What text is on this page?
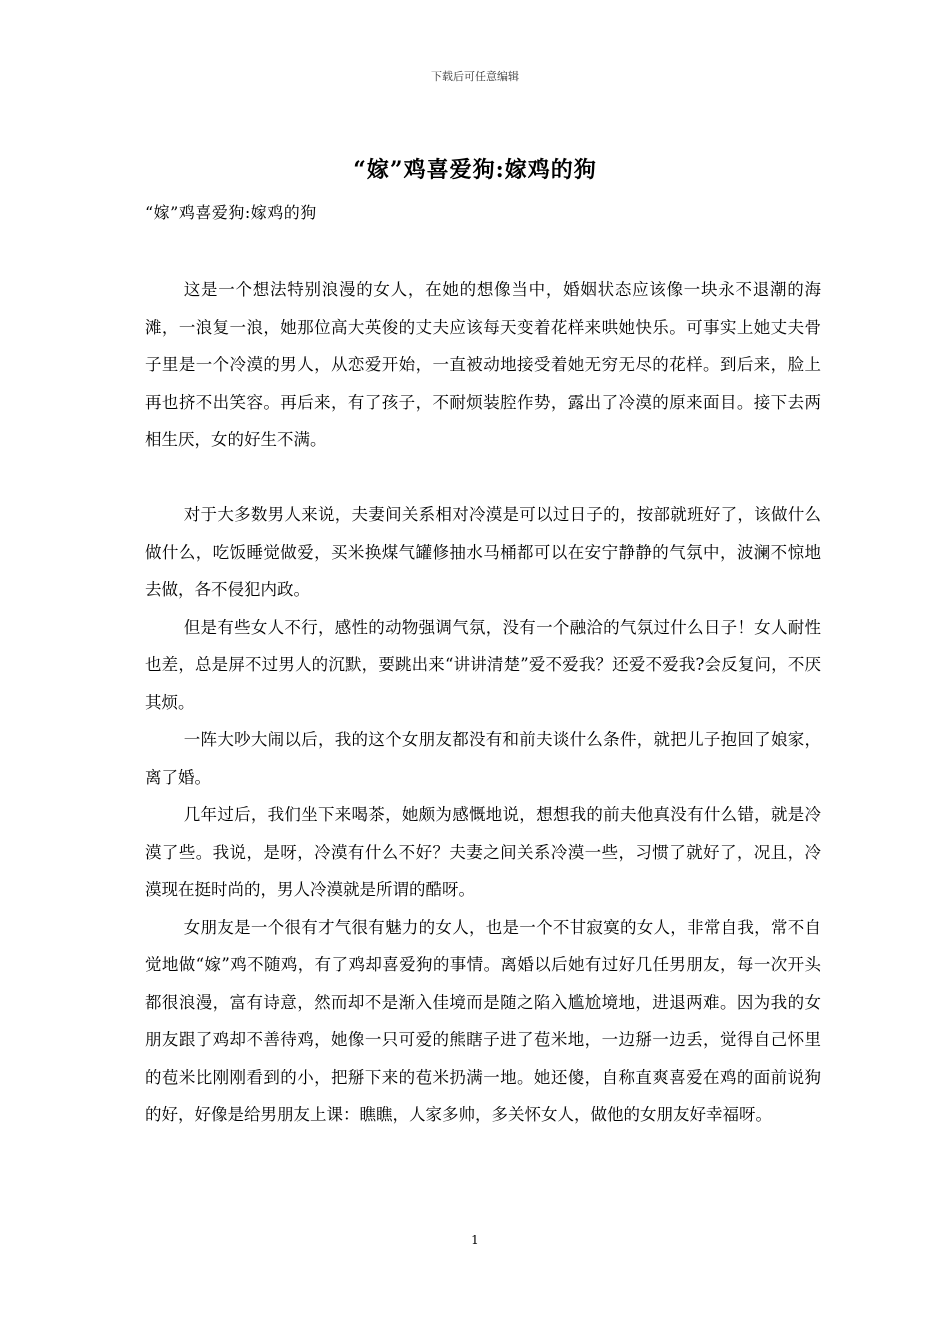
下载后可任意编辑
“嫁”鸡喜爱狗:嫁鸡的狗
“嫁”鸡喜爱狗:嫁鸡的狗

这是一个想法特别浪漫的女人，在她的想像当中，婚姻状态应该像一块永不退潮的海滩，一浪复一浪，她那位高大英俊的丈夫应该每天变着花样来哄她快乐。可事实上她丈夫骨子里是一个冷漠的男人，从恋爱开始，一直被动地接受着她无穷无尽的花样。到后来，脸上再也挤不出笑容。再后来，有了孩子，不耐烦装腔作势，露出了冷漠的原来面目。接下去两相生厌，女的好生不满。

对于大多数男人来说，夫妻间关系相对冷漠是可以过日子的，按部就班好了，该做什么做什么，吃饭睡觉做爱，买米换煤气罐修抽水马桶都可以在安宁静静的气氛中，波澜不惊地去做，各不侵犯内政。

但是有些女人不行，感性的动物强调气氛，没有一个融洽的气氛过什么日子！女人耐性也差，总是屏不过男人的沉默，要跳出来“讲讲清楚”爱不爱我？还爱不爱我?会反复问，不厌其烦。

一阵大吵大闹以后，我的这个女朋友都没有和前夫谈什么条件，就把儿子抱回了娘家，离了婚。

几年过后，我们坐下来喝茶，她颇为感慨地说，想想我的前夫他真没有什么错，就是冷漠了些。我说，是呀，冷漠有什么不好？夫妻之间关系冷漠一些，习惯了就好了，况且，冷漠现在挺时尚的，男人冷漠就是所谓的酷呀。

女朋友是一个很有才气很有魅力的女人，也是一个不甘寂寞的女人，非常自我，常不自觉地做“嫁”鸡不随鸡，有了鸡却喜爱狗的事情。离婚以后她有过好几任男朋友，每一次开头都很浪漫，富有诗意，然而却不是渐入佳境而是随之陷入尴尬境地，进退两难。因为我的女朋友跟了鸡却不善待鸡，她像一只可爱的熊瞎子进了苞米地，一边掰一边丢，觉得自己怀里的苞米比刚刚看到的小，把掰下来的苞米扔满一地。她还傻，自称直爽喜爱在鸡的面前说狗的好，好像是给男朋友上课：瞧瞧，人家多帅，多关怀女人，做他的女朋友好幸福呀。

1
